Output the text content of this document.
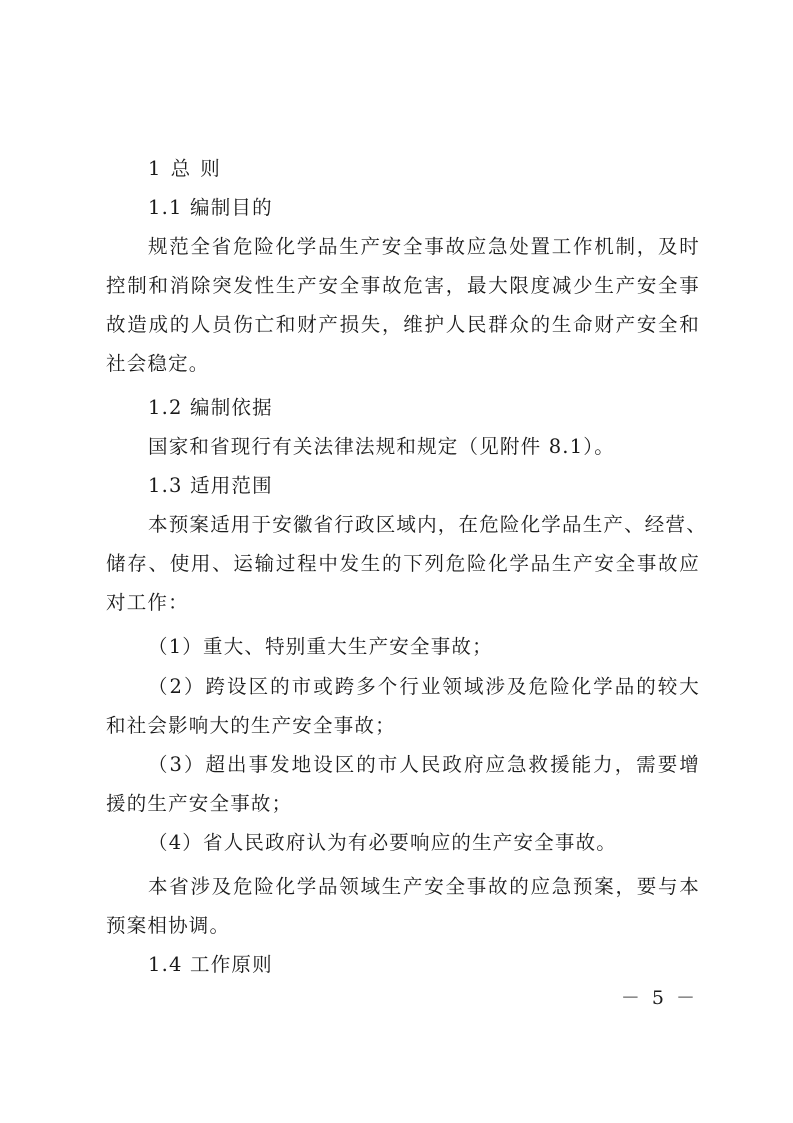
1 总 则
1.1 编制目的
规范全省危险化学品生产安全事故应急处置工作机制，及时
控制和消除突发性生产安全事故危害，最大限度减少生产安全事
故造成的人员伤亡和财产损失，维护人民群众的生命财产安全和
社会稳定。
1.2 编制依据
国家和省现行有关法律法规和规定（见附件 8.1）。
1.3 适用范围
本预案适用于安徽省行政区域内，在危险化学品生产、经营、
储存、使用、运输过程中发生的下列危险化学品生产安全事故应
对工作：
（1）重大、特别重大生产安全事故；
（2）跨设区的市或跨多个行业领域涉及危险化学品的较大
和社会影响大的生产安全事故；
（3）超出事发地设区的市人民政府应急救援能力，需要增
援的生产安全事故；
（4）省人民政府认为有必要响应的生产安全事故。
本省涉及危险化学品领域生产安全事故的应急预案，要与本
预案相协调。
1.4 工作原则
－ 5 －
